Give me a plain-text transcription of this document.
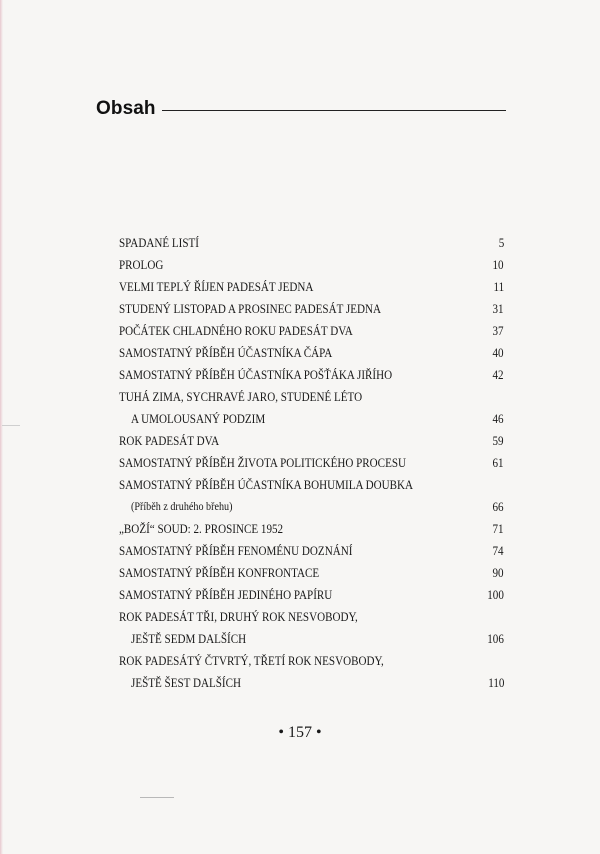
Obsah
SPADANÉ LISTÍ	5
PROLOG	10
VELMI TEPLÝ ŘÍJEN PADESÁT JEDNA	11
STUDENÝ LISTOPAD A PROSINEC PADESÁT JEDNA	31
POČÁTEK CHLADNÉHO ROKU PADESÁT DVA	37
SAMOSTATNÝ PŘÍBĚH ÚČASTNÍKA ČÁPA	40
SAMOSTATNÝ PŘÍBĚH ÚČASTNÍKA POŠŤÁKA JIŘÍHO	42
TUHÁ ZIMA, SYCHRAVÉ JARO, STUDENÉ LÉTO
A UMOLOUSANÝ PODZIM	46
ROK PADESÁT DVA	59
SAMOSTATNÝ PŘÍBĚH ŽIVOTA POLITICKÉHO PROCESU	61
SAMOSTATNÝ PŘÍBĚH ÚČASTNÍKA BOHUMILA DOUBKA
(Příběh z druhého břehu)	66
„BOŽÍ“ SOUD: 2. PROSINCE 1952	71
SAMOSTATNÝ PŘÍBĚH FENOMÉNU DOZNÁNÍ	74
SAMOSTATNÝ PŘÍBĚH KONFRONTACE	90
SAMOSTATNÝ PŘÍBĚH JEDINÉHO PAPÍRU	100
ROK PADESÁT TŘI, DRUHÝ ROK NESVOBODY,
JEŠTĚ SEDM DALŠÍCH	106
ROK PADESÁTÝ ČTVRTÝ, TŘETÍ ROK NESVOBODY,
JEŠTĚ ŠEST DALŠÍCH	110
• 157 •
